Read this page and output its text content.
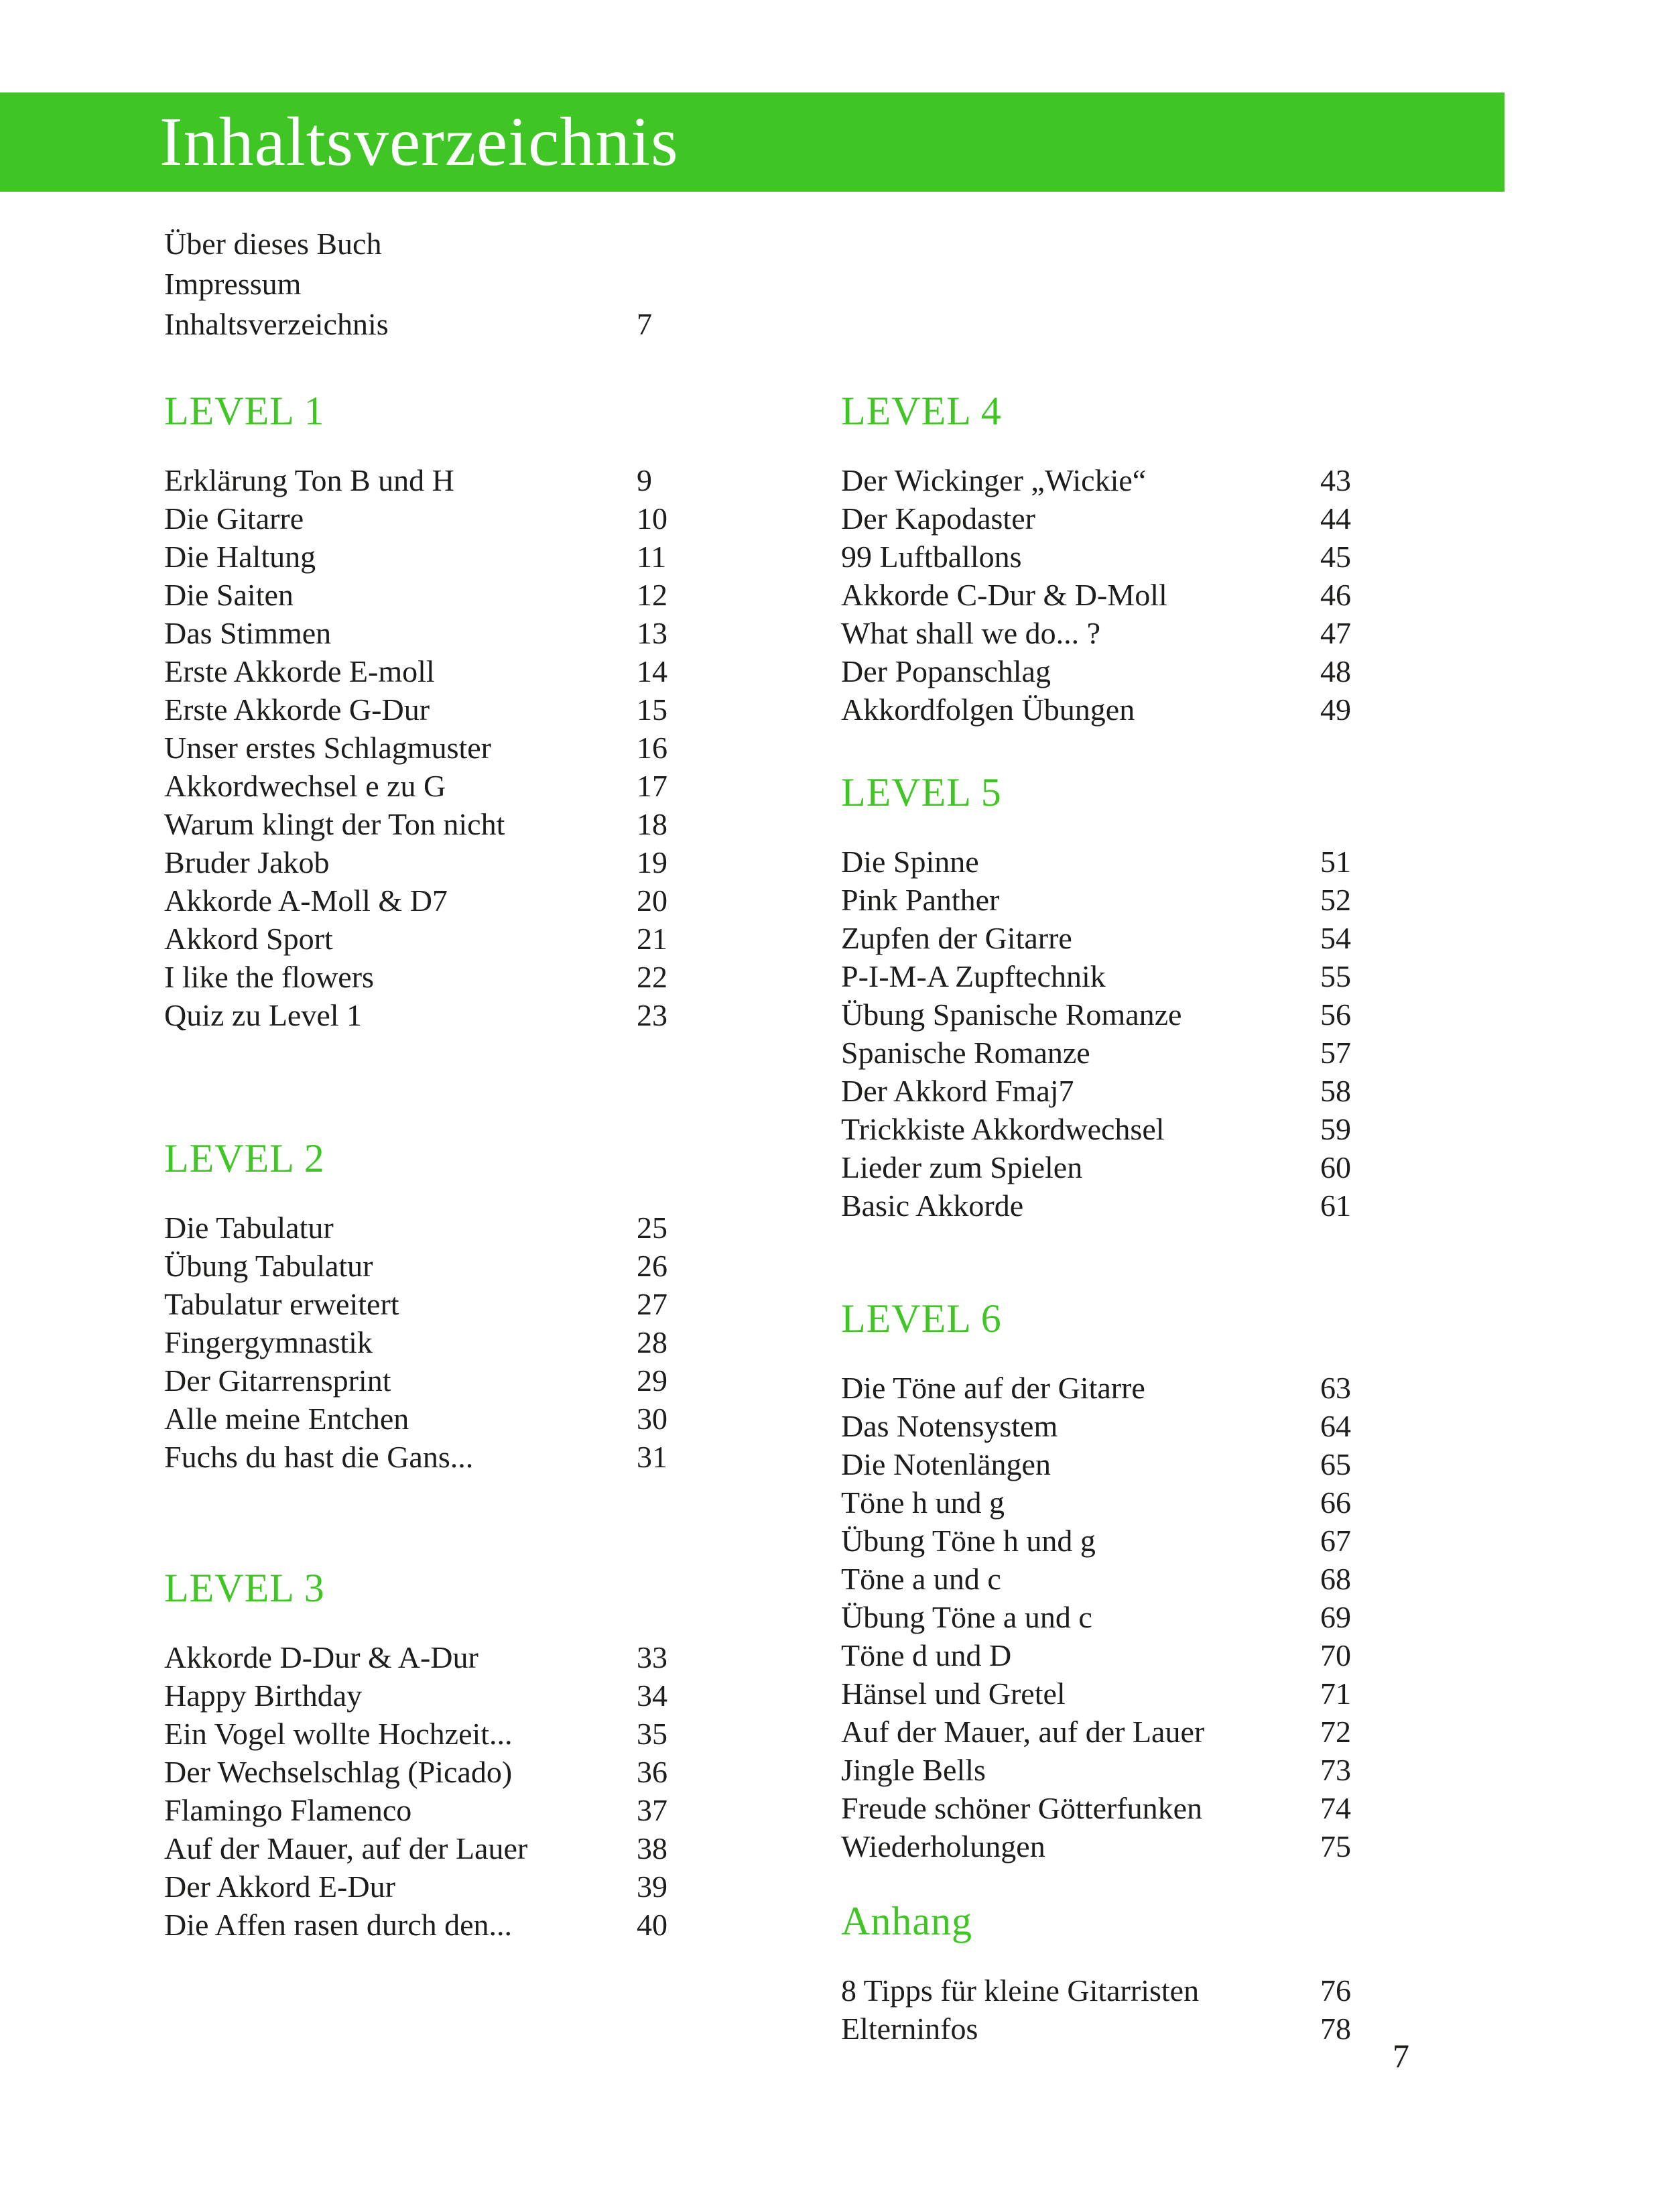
Inhaltsverzeichnis
Über dieses Buch
Impressum
Inhaltsverzeichnis	7
LEVEL 1
Erklärung Ton B und H	9
Die Gitarre	10
Die Haltung	11
Die Saiten	12
Das Stimmen	13
Erste Akkorde E-moll	14
Erste Akkorde G-Dur	15
Unser erstes Schlagmuster	16
Akkordwechsel e zu G	17
Warum klingt der Ton nicht	18
Bruder Jakob	19
Akkorde A-Moll & D7	20
Akkord Sport	21
I like the flowers	22
Quiz zu Level 1	23
LEVEL 2
Die Tabulatur	25
Übung Tabulatur	26
Tabulatur erweitert	27
Fingergymnastik	28
Der Gitarrensprint	29
Alle meine Entchen	30
Fuchs du hast die Gans...	31
LEVEL 3
Akkorde D-Dur & A-Dur	33
Happy Birthday	34
Ein Vogel wollte Hochzeit...	35
Der Wechselschlag (Picado)	36
Flamingo Flamenco	37
Auf der Mauer, auf der Lauer	38
Der Akkord E-Dur	39
Die Affen rasen durch den...	40
LEVEL 4
Der Wickinger „Wickie“	43
Der Kapodaster	44
99 Luftballons	45
Akkorde C-Dur & D-Moll	46
What shall we do... ?	47
Der Popanschlag	48
Akkordfolgen Übungen	49
LEVEL 5
Die Spinne	51
Pink Panther	52
Zupfen der Gitarre	54
P-I-M-A Zupftechnik	55
Übung Spanische Romanze	56
Spanische Romanze	57
Der Akkord Fmaj7	58
Trickkiste Akkordwechsel	59
Lieder zum Spielen	60
Basic Akkorde	61
LEVEL 6
Die Töne auf der Gitarre	63
Das Notensystem	64
Die Notenlängen	65
Töne h und g	66
Übung Töne h und g	67
Töne a und c	68
Übung Töne a und c	69
Töne d und D	70
Hänsel und Gretel	71
Auf der Mauer, auf der Lauer	72
Jingle Bells	73
Freude schöner Götterfunken	74
Wiederholungen	75
Anhang
8 Tipps für kleine Gitarristen	76
Elterninfos	78
7
